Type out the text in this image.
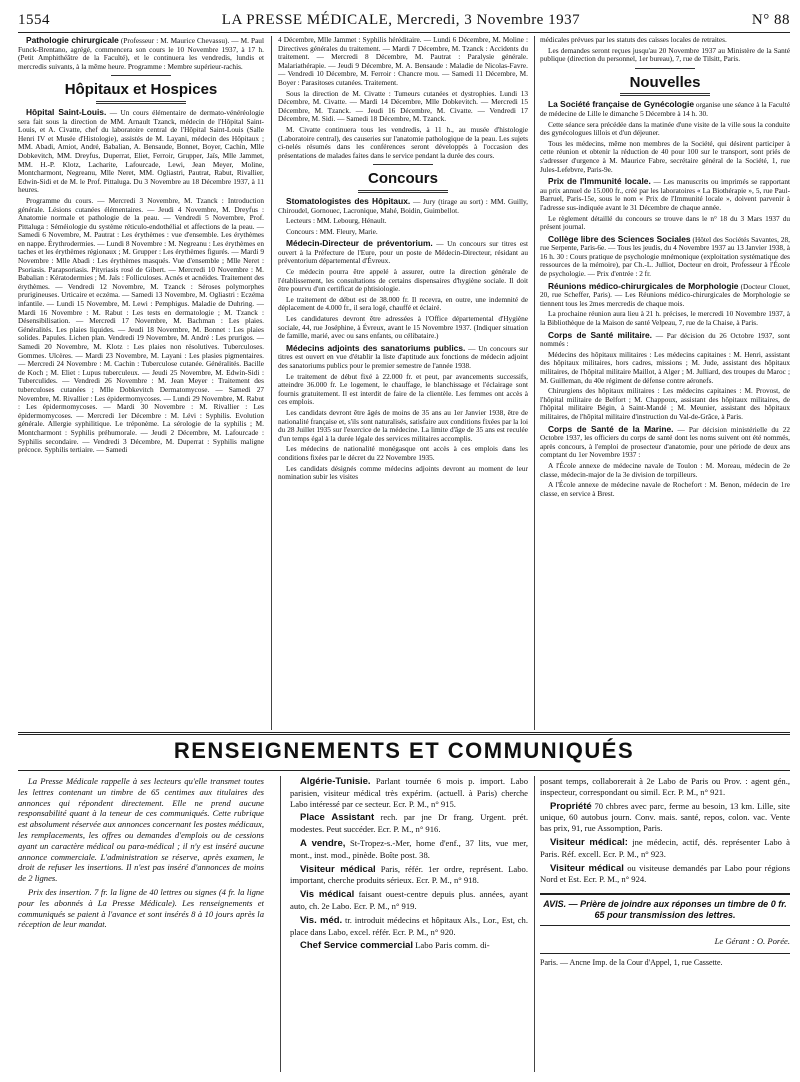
1554	LA PRESSE MÉDICALE, Mercredi, 3 Novembre 1937	N° 88

Pathologie chirurgicale (Professeur : M. Maurice Chevassu). — M. Paul Funck-Brentano, agrégé, commencera son cours le 10 Novembre 1937, à 17 h. (Petit Amphithéâtre de la Faculté), et le continuera les vendredis, lundis et mercredis suivants, à la même heure. Programme : Membre supérieur-rachis.

Hôpitaux et Hospices

Hôpital Saint-Louis. — Un cours élémentaire de dermato-vénéréologie sera fait sous la direction de MM. Arnault Tzanck, médecin de l'Hôpital Saint-Louis, et A. Civatte, chef du laboratoire central de l'Hôpital Saint-Louis (Salle Henri IV et Musée d'Histologie), assistés de M. Layani, médecin des Hôpitaux ; MM. Abadi, Amiot, André, Babalian, A. Bensaude, Bonnet, Boyer, Cachin, Mlle Dobkevitch, MM. Dreyfus, Duperrat, Eliet, Ferroir, Grupper, Jaïs, Mlle Jammet, MM. H.-P. Klotz, Lacharite, Lafourcade, Lewi, Jean Meyer, Moline, Montcharmont, Negreanu, Mlle Neret, MM. Ogliastri, Pautrat, Rabut, Rivallier, Edwin-Sidi et de M. le Prof. Pittaluga. Du 3 Novembre au 18 Décembre 1937, à 11 heures.

Programme du cours. — Mercredi 3 Novembre, M. Tzanck : Introduction générale. Lésions cutanées élémentaires. — Jeudi 4 Novembre, M. Dreyfus : Anatomie normale et pathologie de la peau. — Vendredi 5 Novembre, Prof. Pittaluga : Séméiologie du système réticulo-endothélial et affections de la peau. — Samedi 6 Novembre, M. Pautrat : Les érythèmes : vue d'ensemble. Les érythèmes en nappe. Érythrodermies. — Lundi 8 Novembre : M. Negreanu : Les érythèmes en taches et les érythèmes régionaux ; M. Grupper : Les érythèmes figurés. — Mardi 9 Novembre : Mlle Abadi : Les érythèmes masqués. Vue d'ensemble ; Mlle Neret : Psoriasis. Parapsoriasis. Pityriasis rosé de Gibert. — Mercredi 10 Novembre : M. Babalian : Kératodermies ; M. Jaïs : Folliculoses. Acnés et acnéides. Traitement des érythèmes. — Vendredi 12 Novembre, M. Tzanck : Séroses polymorphes prurigineuses. Urticaire et eczéma. — Samedi 13 Novembre, M. Ogliastri : Eczéma infantile. — Lundi 15 Novembre, M. Lewi : Pemphigus. Maladie de Duhring. — Mardi 16 Novembre : M. Rabut : Les tests en dermatologie ; M. Tzanck : Désensibilisation. — Mercredi 17 Novembre, M. Bachman : Les plaies. Généralités. Les plaies liquides. — Jeudi 18 Novembre, M. Bonnet : Les plaies solides. Papules. Lichen plan. Vendredi 19 Novembre, M. André : Les prurigos. — Samedi 20 Novembre, M. Klotz : Les plaies non résolutives. Tuberculoses. Gommes. Ulcères. — Mardi 23 Novembre, M. Layani : Les plasies pigmentaires. — Mercredi 24 Novembre : M. Cachin : Tuberculose cutanée. Généralités. Bacille de Koch ; M. Eliet : Lupus tuberculeux. — Jeudi 25 Novembre, M. Edwin-Sidi : Tuberculides. — Vendredi 26 Novembre : M. Jean Meyer : Traitement des tuberculoses cutanées ; Mlle Dobkevitch Dermatomycose. — Samedi 27 Novembre, M. Rivallier : Les épidermomycoses. — Lundi 29 Novembre, M. Rabut : Les épidermomycoses. — Mardi 30 Novembre : M. Rivallier : Les épidermomycoses. — Mercredi 1er Décembre : M. Lévi : Syphilis. Evolution générale. Allergie syphilitique. Le tréponème. La sérologie de la syphilis ; M. Montcharmont : Syphilis préhumorale. — Jeudi 2 Décembre, M. Lafourcade : Syphilis secondaire. — Vendredi 3 Décembre, M. Duperrat : Syphilis maligne précoce. Syphilis tertiaire. — Samedi

4 Décembre, Mlle Jammet : Syphilis héréditaire. — Lundi 6 Décembre, M. Moline : Directives générales du traitement. — Mardi 7 Décembre, M. Tzanck : Accidents du traitement. — Mercredi 8 Décembre, M. Pautrat : Paralysie générale. Malariathérapie. — Jeudi 9 Décembre, M. A. Bensaude : Maladie de Nicolas-Favre. — Vendredi 10 Décembre, M. Ferroir : Chancre mou. — Samedi 11 Décembre, M. Boyer : Parasitoses cutanées. Traitement.

Sous la direction de M. Civatte : Tumeurs cutanées et dystrophies. Lundi 13 Décembre, M. Civatte. — Mardi 14 Décembre, Mlle Dobkevitch. — Mercredi 15 Décembre, M. Tzanck. — Jeudi 16 Décembre, M. Civatte. — Vendredi 17 Décembre, M. Sidi. — Samedi 18 Décembre, M. Tzanck.

M. Civatte continuera tous les vendredis, à 11 h., au musée d'histologie (Laboratoire central), des causeries sur l'anatomie pathologique de la peau. Les sujets ci-nelés résumés dans les conférences seront développés à l'occasion des présentations de malades faites dans le service pendant la durée des cours.

Concours

Stomatologistes des Hôpitaux. — Jury (tirage au sort) : MM. Guilly, Chiroudel, Gornouec, Lacronique, Mahé, Boidin, Guimbellot.

Lecteurs : MM. Lebourg, Hénault.

Concours : MM. Fleury, Marie.

Médecin-Directeur de préventorium. — Un concours sur titres est ouvert à la Préfecture de l'Eure, pour un poste de Médecin-Directeur, résidant au préventorium départemental d'Évreux.

Ce médecin pourra être appelé à assurer, outre la direction générale de l'établissement, les consultations de certains dispensaires d'hygiène sociale. Il doit être pourvu d'un certificat de phtisiologie.

Le traitement de début est de 38.000 fr. Il recevra, en outre, une indemnité de déplacement de 4.000 fr., il sera logé, chauffé et éclairé.

Les candidatures devront être adressées à l'Office départemental d'Hygiène sociale, 44, rue Joséphine, à Évreux, avant le 15 Novembre 1937. (Indiquer situation de famille, marié, avec ou sans enfants, ou célibataire.)

Médecins adjoints des sanatoriums publics. — Un concours sur titres est ouvert en vue d'établir la liste d'aptitude aux fonctions de médecin adjoint des sanatoriums publics pour le premier semestre de l'année 1938.

Le traitement de début fixé à 22.000 fr. et peut, par avancements successifs, atteindre 36.000 fr. Le logement, le chauffage, le blanchissage et l'éclairage sont fournis gratuitement. Il est interdit de faire de la clientèle. Les femmes ont accès à ces emplois.

Les candidats devront être âgés de moins de 35 ans au 1er Janvier 1938, être de nationalité française et, s'ils sont naturalisés, satisfaire aux conditions fixées par la loi du 28 Juillet 1935 sur l'exercice de la médecine. La limite d'âge de 35 ans est reculée d'un temps égal à la durée légale des services militaires accomplis.

Les médecins de nationalité monégasque ont accès à ces emplois dans les conditions fixées par le décret du 22 Novembre 1935.

Les candidats désignés comme médecins adjoints devront au moment de leur nomination subir les visites

médicales prévues par les statuts des caisses locales de retraites.

Les demandes seront reçues jusqu'au 20 Novembre 1937 au Ministère de la Santé publique (direction du personnel, 1er bureau), 7, rue de Tilsitt, Paris.

Nouvelles

La Société française de Gynécologie organise une séance à la Faculté de médecine de Lille le dimanche 5 Décembre à 14 h. 30.

Cette séance sera précédée dans la matinée d'une visite de la ville sous la conduite des gynécologues lillois et d'un déjeuner.

Tous les médecins, même non membres de la Société, qui désirent participer à cette réunion et obtenir la réduction de 40 pour 100 sur le transport, sont priés de s'adresser d'urgence à M. Maurice Fabre, secrétaire général de la Société, 1, rue Jules-Lefebvre, Paris-9e.

Prix de l'Immunité locale. — Les manuscrits ou imprimés se rapportant au prix annuel de 15.000 fr., créé par les laboratoires « La Biothérapie », 5, rue Paul-Barruel, Paris-15e, sous le nom « Prix de l'Immunité locale », doivent parvenir à l'adresse sus-indiquée avant le 31 Décembre de chaque année.

Le règlement détaillé du concours se trouve dans le n° 18 du 3 Mars 1937 du présent journal.

Collège libre des Sciences Sociales (Hôtel des Sociétés Savantes, 28, rue Serpente, Paris-6e. — Tous les jeudis, du 4 Novembre 1937 au 13 Janvier 1938, à 16 h. 30 : Cours pratique de psychologie mnémonique (exploitation systématique des ressources de la mémoire), par Ch.-L. Julliot, Docteur en droit, Professeur à l'École de psychologie. — Prix d'entrée : 2 fr.

Réunions médico-chirurgicales de Morphologie (Docteur Clouet, 20, rue Scheffer, Paris). — Les Réunions médico-chirurgicales de Morphologie se tiennent tous les 2mes mercredis de chaque mois.

La prochaine réunion aura lieu à 21 h. précises, le mercredi 10 Novembre 1937, à la Bibliothèque de la Maison de santé Velpeau, 7, rue de la Chaise, à Paris.

Corps de Santé militaire. — Par décision du 26 Octobre 1937, sont nommés :

Médecins des hôpitaux militaires : Les médecins capitaines : M. Henri, assistant des hôpitaux militaires, hors cadres, missions ; M. Jude, assistant des hôpitaux militaires, de l'hôpital militaire Maillot, à Alger ; M. Julliard, des troupes du Maroc ; M. Guilleman, du 40e régiment de défense contre aéronefs.

Chirurgiens des hôpitaux militaires : Les médecins capitaines : M. Provost, de l'hôpital militaire de Belfort ; M. Chappoux, assistant des hôpitaux militaires, de l'hôpital militaire Bégin, à Saint-Mandé ; M. Meunier, assistant des hôpitaux militaires, de l'hôpital militaire d'instruction du Val-de-Grâce, à Paris.

Corps de Santé de la Marine. — Par décision ministérielle du 22 Octobre 1937, les officiers du corps de santé dont les noms suivent ont été nommés, après concours, à l'emploi de prosecteur d'anatomie, pour une période de deux ans comptant du 1er Novembre 1937 :

A l'École annexe de médecine navale de Toulon : M. Moreau, médecin de 2e classe, médecin-major de la 3e division de torpilleurs.

A l'École annexe de médecine navale de Rochefort : M. Benon, médecin de 1re classe, en service à Brest.

RENSEIGNEMENTS ET COMMUNIQUÉS

La Presse Médicale rappelle à ses lecteurs qu'elle transmet toutes les lettres contenant un timbre de 65 centimes aux titulaires des annonces qui répondent directement. Elle ne prend aucune responsabilité quant à la teneur de ces communiqués. Cette rubrique est absolument réservée aux annonces concernant les postes médicaux, les remplacements, les offres ou demandes d'emplois ou de cessions ayant un caractère médical ou para-médical ; il n'y est inséré aucune annonce commerciale. L'administration se réserve, après examen, le droit de refuser les insertions. Il n'est pas inséré d'annonces de moins de 2 lignes.

Prix des insertion. 7 fr. la ligne de 40 lettres ou signes (4 fr. la ligne pour les abonnés à La Presse Médicale). Les renseignements et communiqués se paient à l'avance et sont insérés 8 à 10 jours après la réception de leur mandat.

Algérie-Tunisie. Parlant tournée 6 mois p. import. Labo parisien, visiteur médical très expérim. (actuell. à Paris) cherche Labo intéressé par ce secteur. Ecr. P. M., n° 915.

Place Assistant rech. par jne Dr frang. Urgent. prét. modestes. Peut succéder. Ecr. P. M., n° 916.

A vendre, St-Tropez-s.-Mer, home d'enf., 37 lits, vue mer, mont., inst. mod., pinède. Boîte post. 38.

Visiteur médical Paris, référ. 1er ordre, représent. Labo. important, cherche produits sérieux. Ecr. P. M., n° 918.

Vis médical faisant ouest-centre depuis plus. années, ayant auto, ch. 2e Labo. Ecr. P. M., n° 919.

Vis. méd. tr. introduit médecins et hôpitaux Als., Lor., Est, ch. place dans Labo, excel. référ. Ecr. P. M., n° 920.

Chef Service commercial Labo Paris comm. di-

posant temps, collaborerait à 2e Labo de Paris ou Prov. : agent gén., inspecteur, correspondant ou simil. Ecr. P. M., n° 921.

Propriété 70 chbres avec parc, ferme au besoin, 13 km. Lille, site unique, 60 autobus journ. Conv. mais. santé, repos, colon. vac. Vente bas prix, 91, rue Assomption, Paris.

Visiteur médical: jne médecin, actif, dés. représenter Labo à Paris. Réf. excell. Ecr. P. M., n° 923.

Visiteur médical ou visiteuse demandés par Labo pour régions Nord et Est. Ecr. P. M., n° 924.

AVIS. — Prière de joindre aux réponses un timbre de 0 fr. 65 pour transmission des lettres.
Le Gérant : O. Porée.
Paris. — Ancne Imp. de la Cour d'Appel, 1, rue Cassette.
